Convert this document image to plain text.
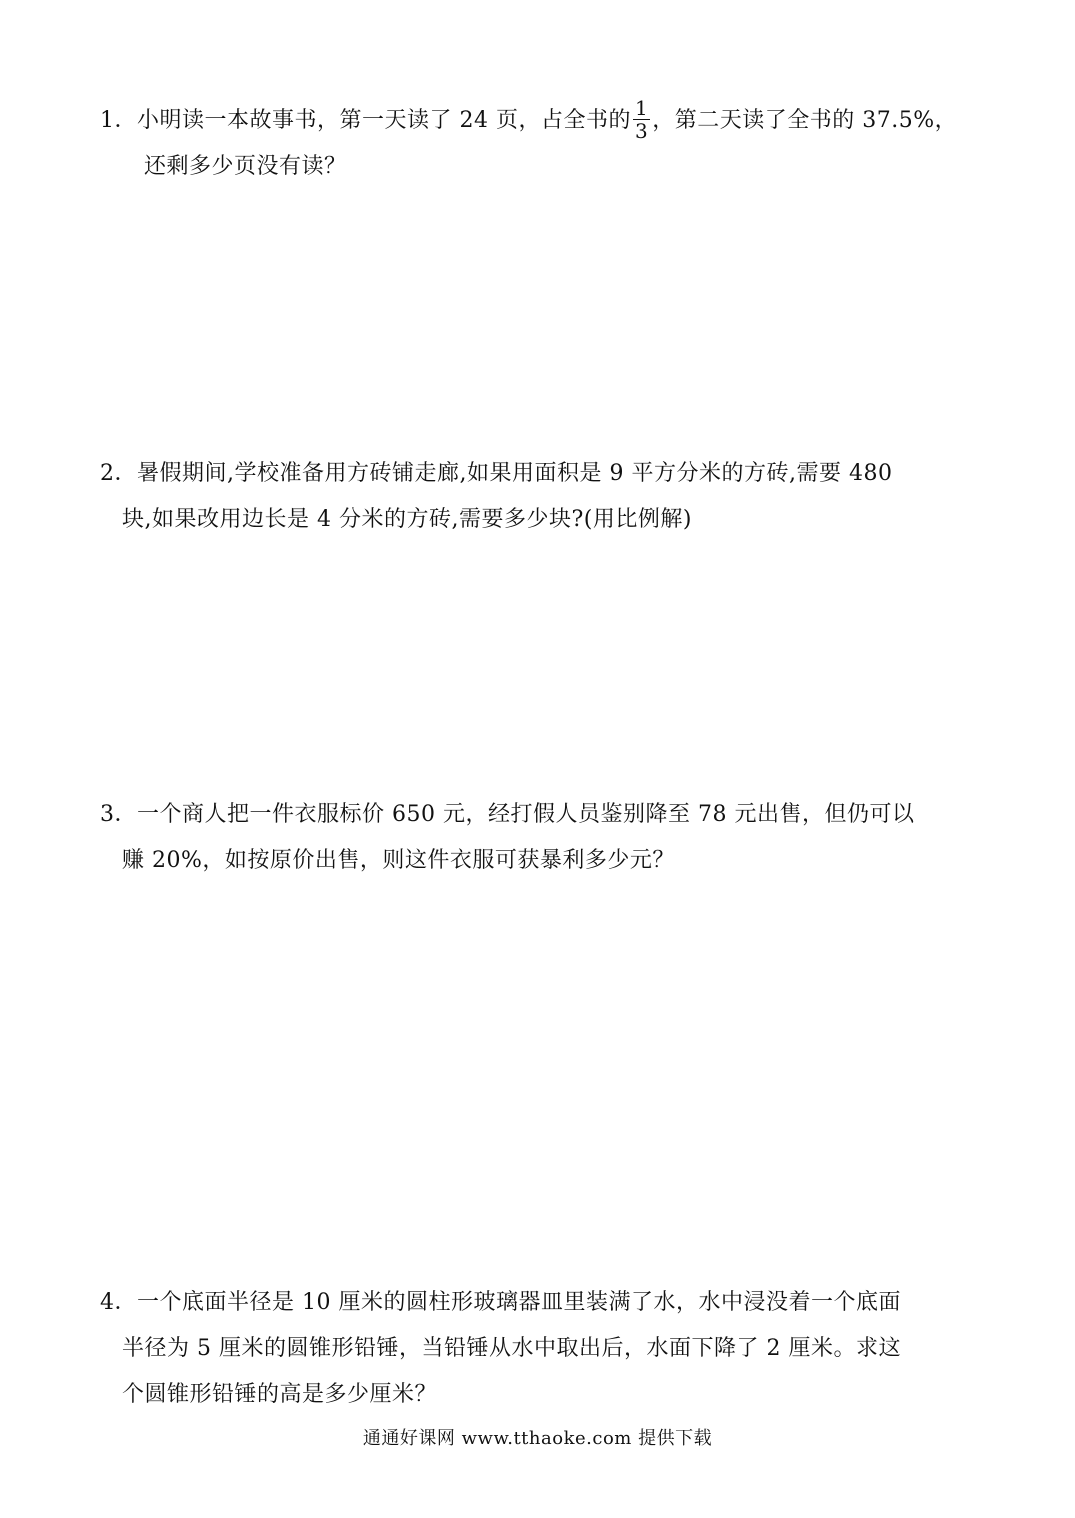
1．小明读一本故事书，第一天读了 24 页，占全书的 $\frac{1}{3}$ ，第二天读了全书的 37.5%，
还剩多少页没有读？
2．暑假期间,学校准备用方砖铺走廊,如果用面积是 9 平方分米的方砖,需要 480
块,如果改用边长是 4 分米的方砖,需要多少块?(用比例解)
3．一个商人把一件衣服标价 650 元，经打假人员鉴别降至 78 元出售，但仍可以
赚 20%，如按原价出售，则这件衣服可获暴利多少元？
4．一个底面半径是 10 厘米的圆柱形玻璃器皿里装满了水，水中浸没着一个底面
半径为 5 厘米的圆锥形铅锤，当铅锤从水中取出后，水面下降了 2 厘米。求这
个圆锥形铅锤的高是多少厘米？
通通好课网 www.tthaoke.com 提供下载
